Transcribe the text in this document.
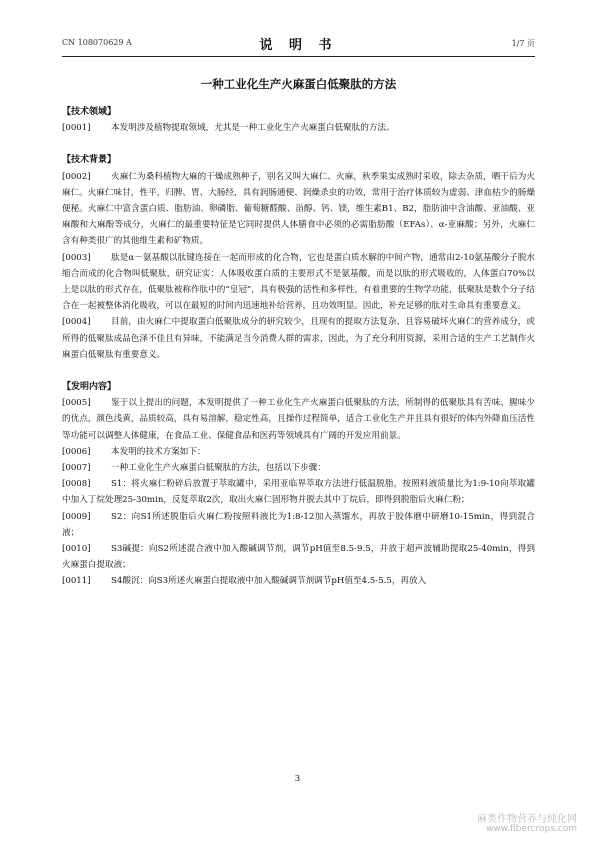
CN 108070629 A	说 明 书	1/7 页
一种工业化生产火麻蛋白低聚肽的方法
【技术领域】
[0001] 本发明涉及植物提取领域，尤其是一种工业化生产火麻蛋白低聚肽的方法。
【技术背景】
[0002] 火麻仁为桑科植物大麻的干燥成熟种子，别名又叫大麻仁、火麻，秋季果实成熟时采收，除去杂质，晒干后为火麻仁。火麻仁味甘，性平，归脾、胃、大肠经，具有润肠通便、润燥杀虫的功效，常用于治疗体质较为虚弱、津血枯少的肠燥便秘。火麻仁中富含蛋白质、脂肪油、卵磷脂、葡萄糖醛酸、甾醇、钙、镁，维生素B1、B2，脂肪油中含油酸、亚油酸、亚麻酸和大麻酚等成分，火麻仁的最重要特征是它同时提供人体膳食中必须的必需脂肪酸（EFAs）、α-亚麻酸；另外，火麻仁含有种类很广的其他维生素和矿物质。
[0003] 肽是α－氨基酸以肽键连接在一起而形成的化合物，它也是蛋白质水解的中间产物，通常由2-10氨基酸分子脱水缩合而成的化合物叫低聚肽，研究证实：人体吸收蛋白质的主要形式不是氨基酸，而是以肽的形式吸收的，人体蛋白70%以上是以肽的形式存在，低聚肽被称作肽中的“皇冠”，具有极强的活性和多样性，有着重要的生物学功能，低聚肽是数个分子结合在一起被整体消化吸收，可以在最短的时间内迅速地补给营养，且功效明显。因此，补充足够的肽对生命具有重要意义。
[0004] 目前，由火麻仁中提取蛋白低聚肽成分的研究较少，且现有的提取方法复杂、且容易破坏火麻仁的营养成分，或所得的低聚肽成品色泽不佳且有异味，不能满足当今消费人群的需求，因此，为了充分利用资源，采用合适的生产工艺制作火麻蛋白低聚肽有重要意义。
【发明内容】
[0005] 鉴于以上提出的问题，本发明提供了一种工业化生产火麻蛋白低聚肽的方法，所制得的低聚肽具有苦味、腥味少的优点，颜色浅黄，品质较高，具有易溶解，稳定性高，且操作过程简单，适合工业化生产并且具有很好的体内外降血压活性等功能可以调整人体健康，在食品工业、保健食品和医药等领域具有广阔的开发应用前景。
[0006] 本发明的技术方案如下：
[0007] 一种工业化生产火麻蛋白低聚肽的方法，包括以下步骤：
[0008] S1：将火麻仁粉碎后放置于萃取罐中，采用亚临界萃取方法进行低温脱脂，按照料液质量比为1:9-10向萃取罐中加入丁烷处理25-30min，反复萃取2次，取出火麻仁固形物并脱去其中丁烷后，即得到脱脂后火麻仁粉；
[0009] S2：向S1所述脱脂后火麻仁粉按照料液比为1:8-12加入蒸馏水，再放于胶体磨中研磨10-15min，得到混合液；
[0010] S3碱提：向S2所述混合液中加入酸碱调节剂，调节pH值至8.5-9.5，并放于超声波辅助提取25-40min，得到火麻蛋白提取液；
[0011] S4酸沉：向S3所述火麻蛋白提取液中加入酸碱调节剂调节pH值至4.5-5.5，再放入
3
麻类作物营养与纯化网
www.fibercrops.com
